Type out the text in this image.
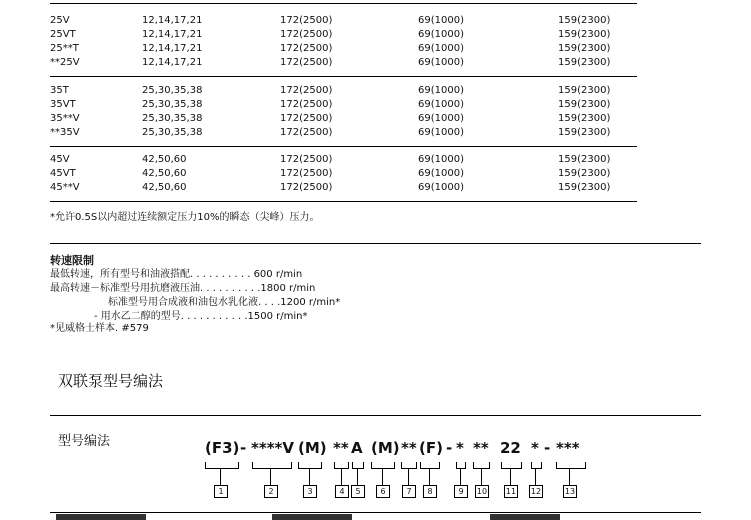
25V	12,14,17,21	172(2500)	69(1000)	159(2300)
25VT	12,14,17,21	172(2500)	69(1000)	159(2300)
25**T	12,14,17,21	172(2500)	69(1000)	159(2300)
**25V	12,14,17,21	172(2500)	69(1000)	159(2300)
35T	25,30,35,38	172(2500)	69(1000)	159(2300)
35VT	25,30,35,38	172(2500)	69(1000)	159(2300)
35**V	25,30,35,38	172(2500)	69(1000)	159(2300)
**35V	25,30,35,38	172(2500)	69(1000)	159(2300)
45V	42,50,60	172(2500)	69(1000)	159(2300)
45VT	42,50,60	172(2500)	69(1000)	159(2300)
45**V	42,50,60	172(2500)	69(1000)	159(2300)
*允许0.5S以内超过连续额定压力10%的瞬态（尖峰）压力。
转速限制
最低转速，所有型号和油液搭配. . . . . . . . . . 600 r/min
最高转速－标准型号用抗磨液压油. . . . . . . . . .1800 r/min
标准型号用合成液和油包水乳化液. . . .1200 r/min*
- 用水乙二醇的型号. . . . . . . . . . .1500 r/min*
*见威格士样本. #579
双联泵型号编法
型号编法	(F3) - ****V (M) ** A (M) ** (F) - * ** 22 * - ***
1	2	3	4	5	6	7	8	9	10 11 12	13
